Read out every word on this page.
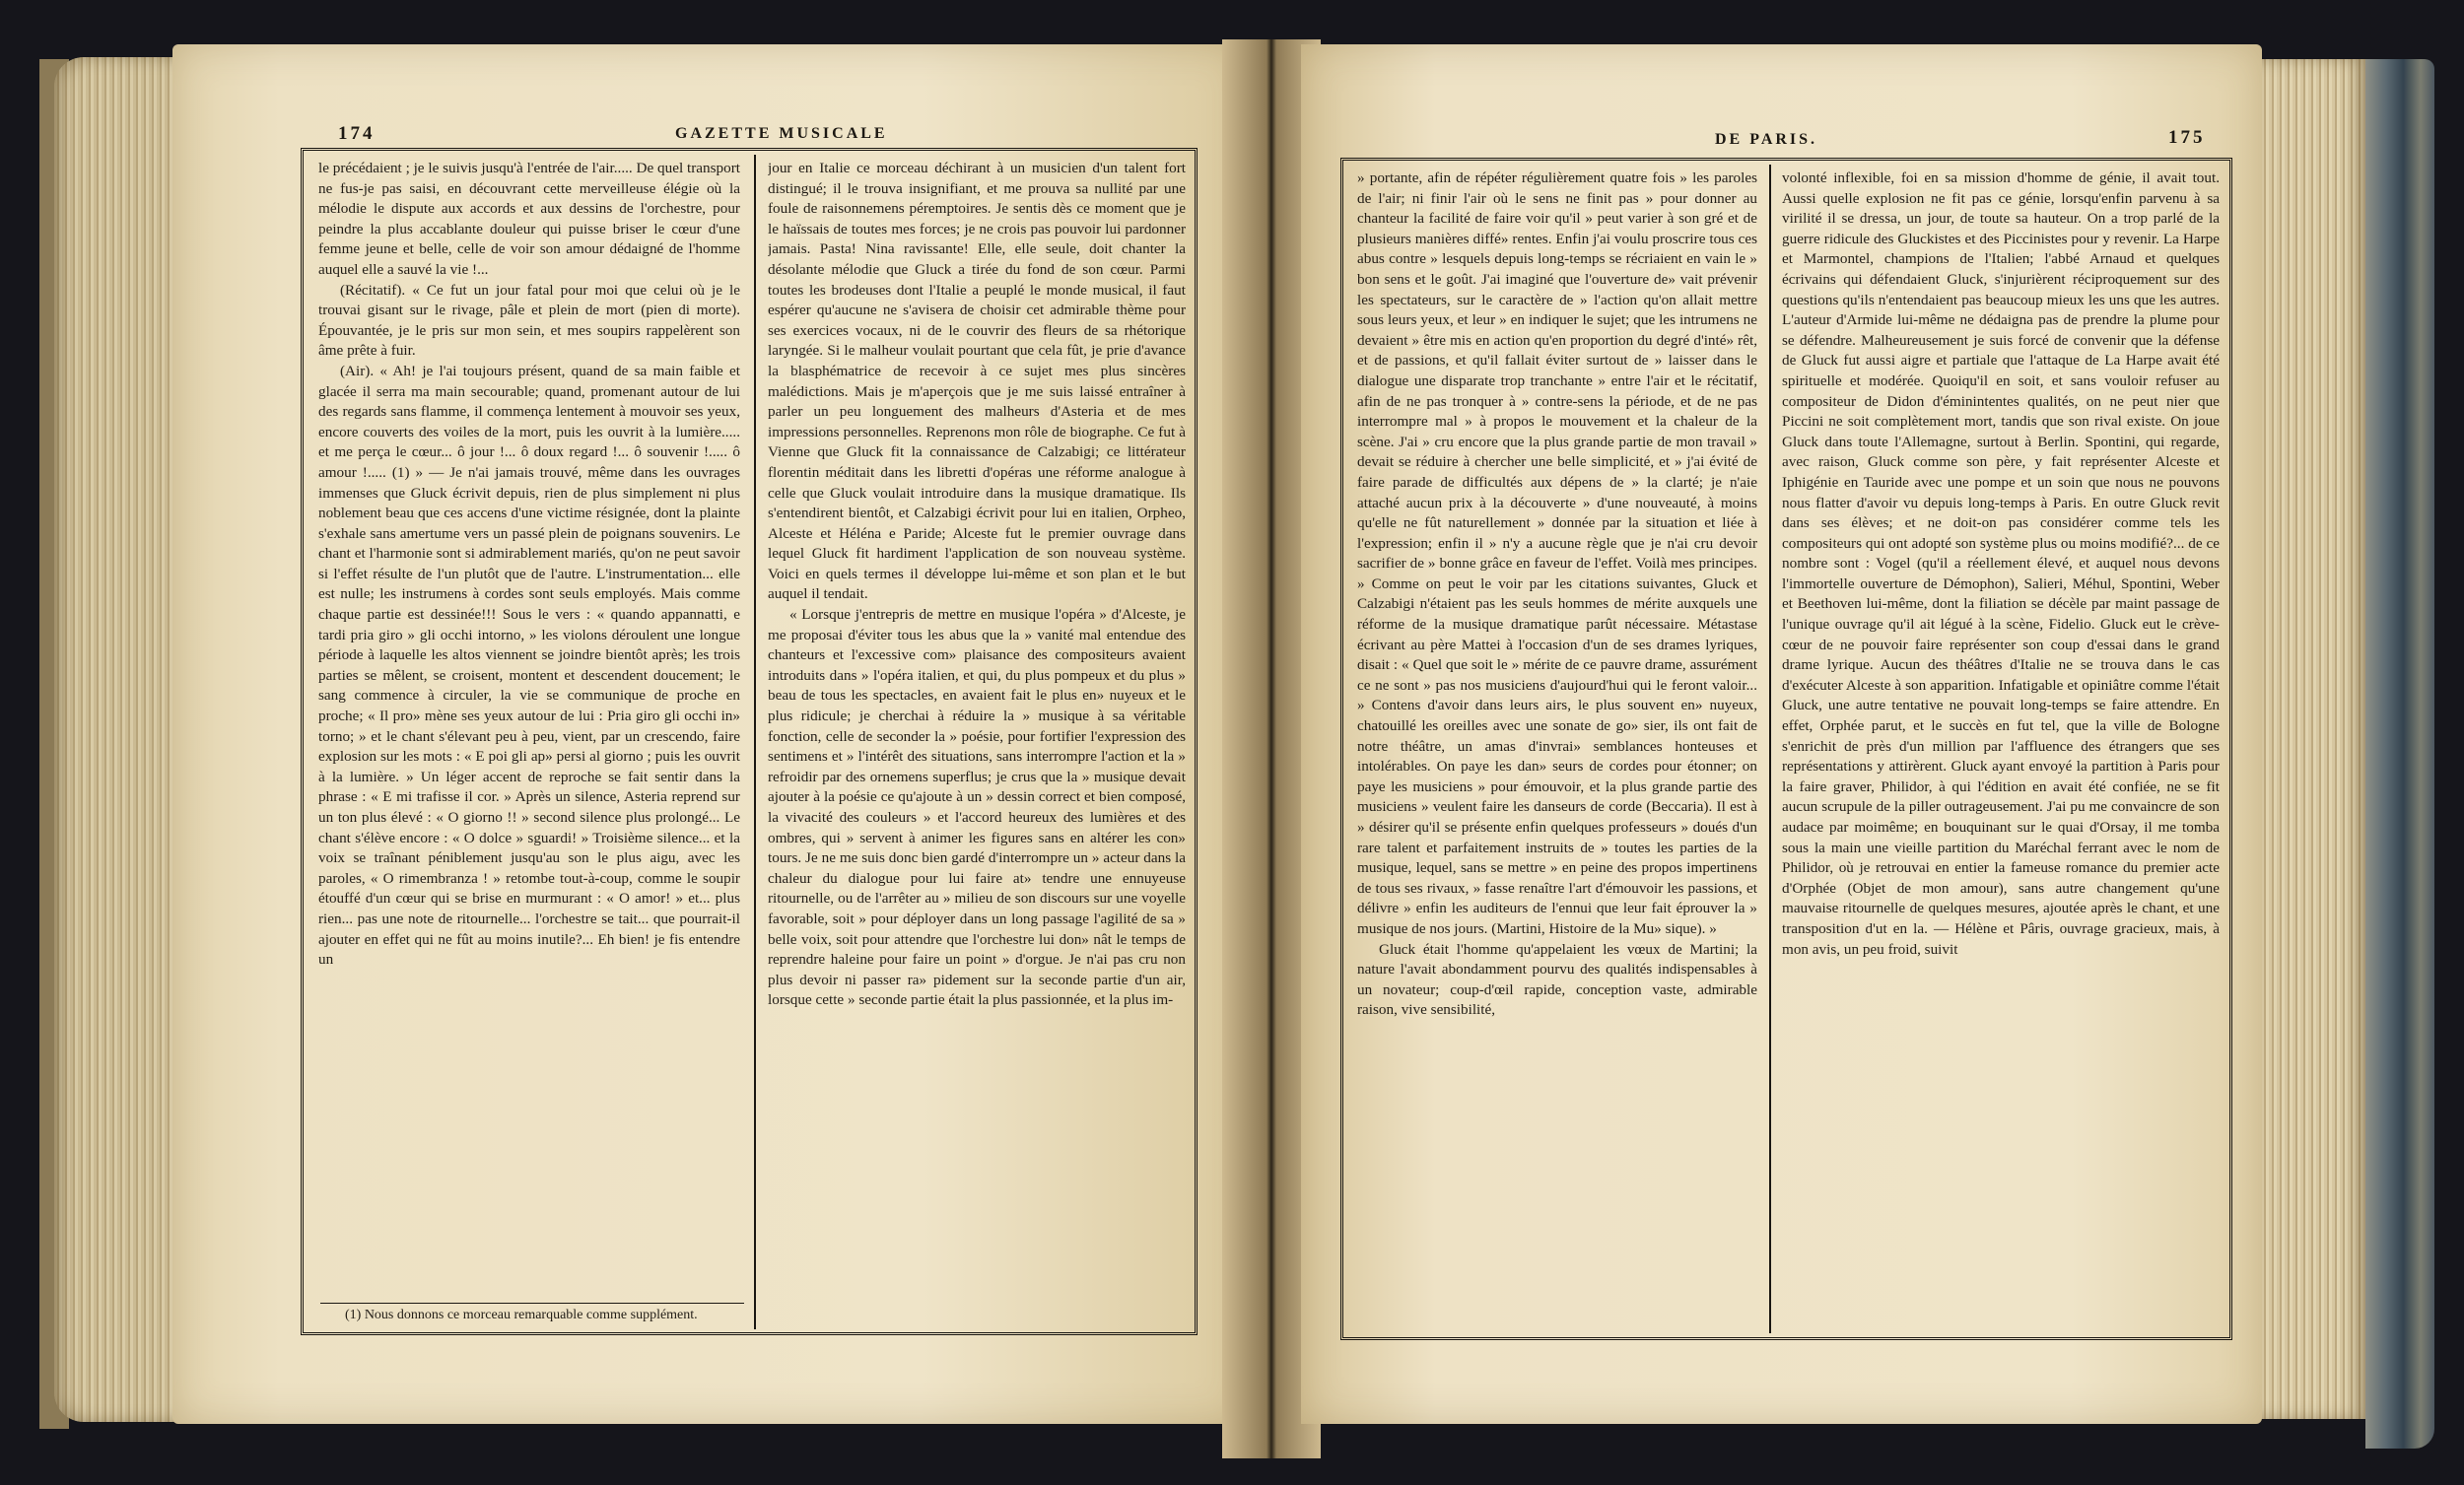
174	GAZETTE MUSICALE

le précédaient ; je le suivis jusqu'à l'entrée de l'air..... De quel transport ne fus-je pas saisi, en découvrant cette merveilleuse élégie où la mélodie le dispute aux accords et aux dessins de l'orchestre, pour peindre la plus accablante douleur qui puisse briser le cœur d'une femme jeune et belle, celle de voir son amour dédaigné de l'homme auquel elle a sauvé la vie !...

(Récitatif). « Ce fut un jour fatal pour moi que celui où je le trouvai gisant sur le rivage, pâle et plein de mort (pien di morte). Épouvantée, je le pris sur mon sein, et mes soupirs rappelèrent son âme prête à fuir.

(Air). « Ah! je l'ai toujours présent, quand de sa main faible et glacée il serra ma main secourable; quand, promenant autour de lui des regards sans flamme, il commença lentement à mouvoir ses yeux, encore couverts des voiles de la mort, puis les ouvrit à la lumière..... et me perça le cœur... ô jour !... ô doux regard !... ô souvenir !..... ô amour !..... (1) » — Je n'ai jamais trouvé, même dans les ouvrages immenses que Gluck écrivit depuis, rien de plus simplement ni plus noblement beau que ces accens d'une victime résignée, dont la plainte s'exhale sans amertume vers un passé plein de poignans souvenirs. Le chant et l'harmonie sont si admirablement mariés, qu'on ne peut savoir si l'effet résulte de l'un plutôt que de l'autre. L'instrumentation... elle est nulle; les instrumens à cordes sont seuls employés. Mais comme chaque partie est dessinée!!! Sous le vers : « quando appannatti, e tardi pria giro » gli occhi intorno, » les violons déroulent une longue période à laquelle les altos viennent se joindre bientôt après; les trois parties se mêlent, se croisent, montent et descendent doucement; le sang commence à circuler, la vie se communique de proche en proche; « Il pro» mène ses yeux autour de lui : Pria giro gli occhi in» torno; » et le chant s'élevant peu à peu, vient, par un crescendo, faire explosion sur les mots : « E poi gli ap» persi al giorno ; puis les ouvrit à la lumière. » Un léger accent de reproche se fait sentir dans la phrase : « E mi trafisse il cor. » Après un silence, Asteria reprend sur un ton plus élevé : « O giorno !! » second silence plus prolongé... Le chant s'élève encore : « O dolce » sguardi! » Troisième silence... et la voix se traînant péniblement jusqu'au son le plus aigu, avec les paroles, « O rimembranza ! » retombe tout-à-coup, comme le soupir étouffé d'un cœur qui se brise en murmurant : « O amor! » et... plus rien... pas une note de ritournelle... l'orchestre se tait... que pourrait-il ajouter en effet qui ne fût au moins inutile?... Eh bien! je fis entendre un

(1) Nous donnons ce morceau remarquable comme supplément.

jour en Italie ce morceau déchirant à un musicien d'un talent fort distingué; il le trouva insignifiant, et me prouva sa nullité par une foule de raisonnemens péremptoires. Je sentis dès ce moment que je le haïssais de toutes mes forces; je ne crois pas pouvoir lui pardonner jamais. Pasta! Nina ravissante! Elle, elle seule, doit chanter la désolante mélodie que Gluck a tirée du fond de son cœur. Parmi toutes les brodeuses dont l'Italie a peuplé le monde musical, il faut espérer qu'aucune ne s'avisera de choisir cet admirable thème pour ses exercices vocaux, ni de le couvrir des fleurs de sa rhétorique laryngée. Si le malheur voulait pourtant que cela fût, je prie d'avance la blasphématrice de recevoir à ce sujet mes plus sincères malédictions. Mais je m'aperçois que je me suis laissé entraîner à parler un peu longuement des malheurs d'Asteria et de mes impressions personnelles. Reprenons mon rôle de biographe. Ce fut à Vienne que Gluck fit la connaissance de Calzabigi; ce littérateur florentin méditait dans les libretti d'opéras une réforme analogue à celle que Gluck voulait introduire dans la musique dramatique. Ils s'entendirent bientôt, et Calzabigi écrivit pour lui en italien, Orpheo, Alceste et Héléna e Paride; Alceste fut le premier ouvrage dans lequel Gluck fit hardiment l'application de son nouveau système. Voici en quels termes il développe lui-même et son plan et le but auquel il tendait.

« Lorsque j'entrepris de mettre en musique l'opéra » d'Alceste, je me proposai d'éviter tous les abus que la » vanité mal entendue des chanteurs et l'excessive com» plaisance des compositeurs avaient introduits dans » l'opéra italien, et qui, du plus pompeux et du plus » beau de tous les spectacles, en avaient fait le plus en» nuyeux et le plus ridicule; je cherchai à réduire la » musique à sa véritable fonction, celle de seconder la » poésie, pour fortifier l'expression des sentimens et » l'intérêt des situations, sans interrompre l'action et la » refroidir par des ornemens superflus; je crus que la » musique devait ajouter à la poésie ce qu'ajoute à un » dessin correct et bien composé, la vivacité des couleurs » et l'accord heureux des lumières et des ombres, qui » servent à animer les figures sans en altérer les con» tours. Je ne me suis donc bien gardé d'interrompre un » acteur dans la chaleur du dialogue pour lui faire at» tendre une ennuyeuse ritournelle, ou de l'arrêter au » milieu de son discours sur une voyelle favorable, soit » pour déployer dans un long passage l'agilité de sa » belle voix, soit pour attendre que l'orchestre lui don» nât le temps de reprendre haleine pour faire un point » d'orgue. Je n'ai pas cru non plus devoir ni passer ra» pidement sur la seconde partie d'un air, lorsque cette » seconde partie était la plus passionnée, et la plus im-

DE PARIS.	175

» portante, afin de répéter régulièrement quatre fois » les paroles de l'air; ni finir l'air où le sens ne finit pas » pour donner au chanteur la facilité de faire voir qu'il » peut varier à son gré et de plusieurs manières diffé» rentes. Enfin j'ai voulu proscrire tous ces abus contre » lesquels depuis long-temps se récriaient en vain le » bon sens et le goût. J'ai imaginé que l'ouverture de» vait prévenir les spectateurs, sur le caractère de » l'action qu'on allait mettre sous leurs yeux, et leur » en indiquer le sujet; que les intrumens ne devaient » être mis en action qu'en proportion du degré d'inté» rêt, et de passions, et qu'il fallait éviter surtout de » laisser dans le dialogue une disparate trop tranchante » entre l'air et le récitatif, afin de ne pas tronquer à » contre-sens la période, et de ne pas interrompre mal » à propos le mouvement et la chaleur de la scène. J'ai » cru encore que la plus grande partie de mon travail » devait se réduire à chercher une belle simplicité, et » j'ai évité de faire parade de difficultés aux dépens de » la clarté; je n'aie attaché aucun prix à la découverte » d'une nouveauté, à moins qu'elle ne fût naturellement » donnée par la situation et liée à l'expression; enfin il » n'y a aucune règle que je n'ai cru devoir sacrifier de » bonne grâce en faveur de l'effet. Voilà mes principes. » Comme on peut le voir par les citations suivantes, Gluck et Calzabigi n'étaient pas les seuls hommes de mérite auxquels une réforme de la musique dramatique parût nécessaire. Métastase écrivant au père Mattei à l'occasion d'un de ses drames lyriques, disait : « Quel que soit le » mérite de ce pauvre drame, assurément ce ne sont » pas nos musiciens d'aujourd'hui qui le feront valoir... » Contens d'avoir dans leurs airs, le plus souvent en» nuyeux, chatouillé les oreilles avec une sonate de go» sier, ils ont fait de notre théâtre, un amas d'invrai» semblances honteuses et intolérables. On paye les dan» seurs de cordes pour étonner; on paye les musiciens » pour émouvoir, et la plus grande partie des musiciens » veulent faire les danseurs de corde (Beccaria). Il est à » désirer qu'il se présente enfin quelques professeurs » doués d'un rare talent et parfaitement instruits de » toutes les parties de la musique, lequel, sans se mettre » en peine des propos impertinens de tous ses rivaux, » fasse renaître l'art d'émouvoir les passions, et délivre » enfin les auditeurs de l'ennui que leur fait éprouver la » musique de nos jours. (Martini, Histoire de la Mu» sique). »

Gluck était l'homme qu'appelaient les vœux de Martini; la nature l'avait abondamment pourvu des qualités indispensables à un novateur; coup-d'œil rapide, conception vaste, admirable raison, vive sensibilité,

volonté inflexible, foi en sa mission d'homme de génie, il avait tout. Aussi quelle explosion ne fit pas ce génie, lorsqu'enfin parvenu à sa virilité il se dressa, un jour, de toute sa hauteur. On a trop parlé de la guerre ridicule des Gluckistes et des Piccinistes pour y revenir. La Harpe et Marmontel, champions de l'Italien; l'abbé Arnaud et quelques écrivains qui défendaient Gluck, s'injurièrent réciproquement sur des questions qu'ils n'entendaient pas beaucoup mieux les uns que les autres. L'auteur d'Armide lui-même ne dédaigna pas de prendre la plume pour se défendre. Malheureusement je suis forcé de convenir que la défense de Gluck fut aussi aigre et partiale que l'attaque de La Harpe avait été spirituelle et modérée. Quoiqu'il en soit, et sans vouloir refuser au compositeur de Didon d'éminintentes qualités, on ne peut nier que Piccini ne soit complètement mort, tandis que son rival existe. On joue Gluck dans toute l'Allemagne, surtout à Berlin. Spontini, qui regarde, avec raison, Gluck comme son père, y fait représenter Alceste et Iphigénie en Tauride avec une pompe et un soin que nous ne pouvons nous flatter d'avoir vu depuis long-temps à Paris. En outre Gluck revit dans ses élèves; et ne doit-on pas considérer comme tels les compositeurs qui ont adopté son système plus ou moins modifié?... de ce nombre sont : Vogel (qu'il a réellement élevé, et auquel nous devons l'immortelle ouverture de Démophon), Salieri, Méhul, Spontini, Weber et Beethoven lui-même, dont la filiation se décèle par maint passage de l'unique ouvrage qu'il ait légué à la scène, Fidelio. Gluck eut le crève-cœur de ne pouvoir faire représenter son coup d'essai dans le grand drame lyrique. Aucun des théâtres d'Italie ne se trouva dans le cas d'exécuter Alceste à son apparition. Infatigable et opiniâtre comme l'était Gluck, une autre tentative ne pouvait long-temps se faire attendre. En effet, Orphée parut, et le succès en fut tel, que la ville de Bologne s'enrichit de près d'un million par l'affluence des étrangers que ses représentations y attirèrent. Gluck ayant envoyé la partition à Paris pour la faire graver, Philidor, à qui l'édition en avait été confiée, ne se fit aucun scrupule de la piller outrageusement. J'ai pu me convaincre de son audace par moimême; en bouquinant sur le quai d'Orsay, il me tomba sous la main une vieille partition du Maréchal ferrant avec le nom de Philidor, où je retrouvai en entier la fameuse romance du premier acte d'Orphée (Objet de mon amour), sans autre changement qu'une mauvaise ritournelle de quelques mesures, ajoutée après le chant, et une transposition d'ut en la. — Hélène et Pâris, ouvrage gracieux, mais, à mon avis, un peu froid, suivit
